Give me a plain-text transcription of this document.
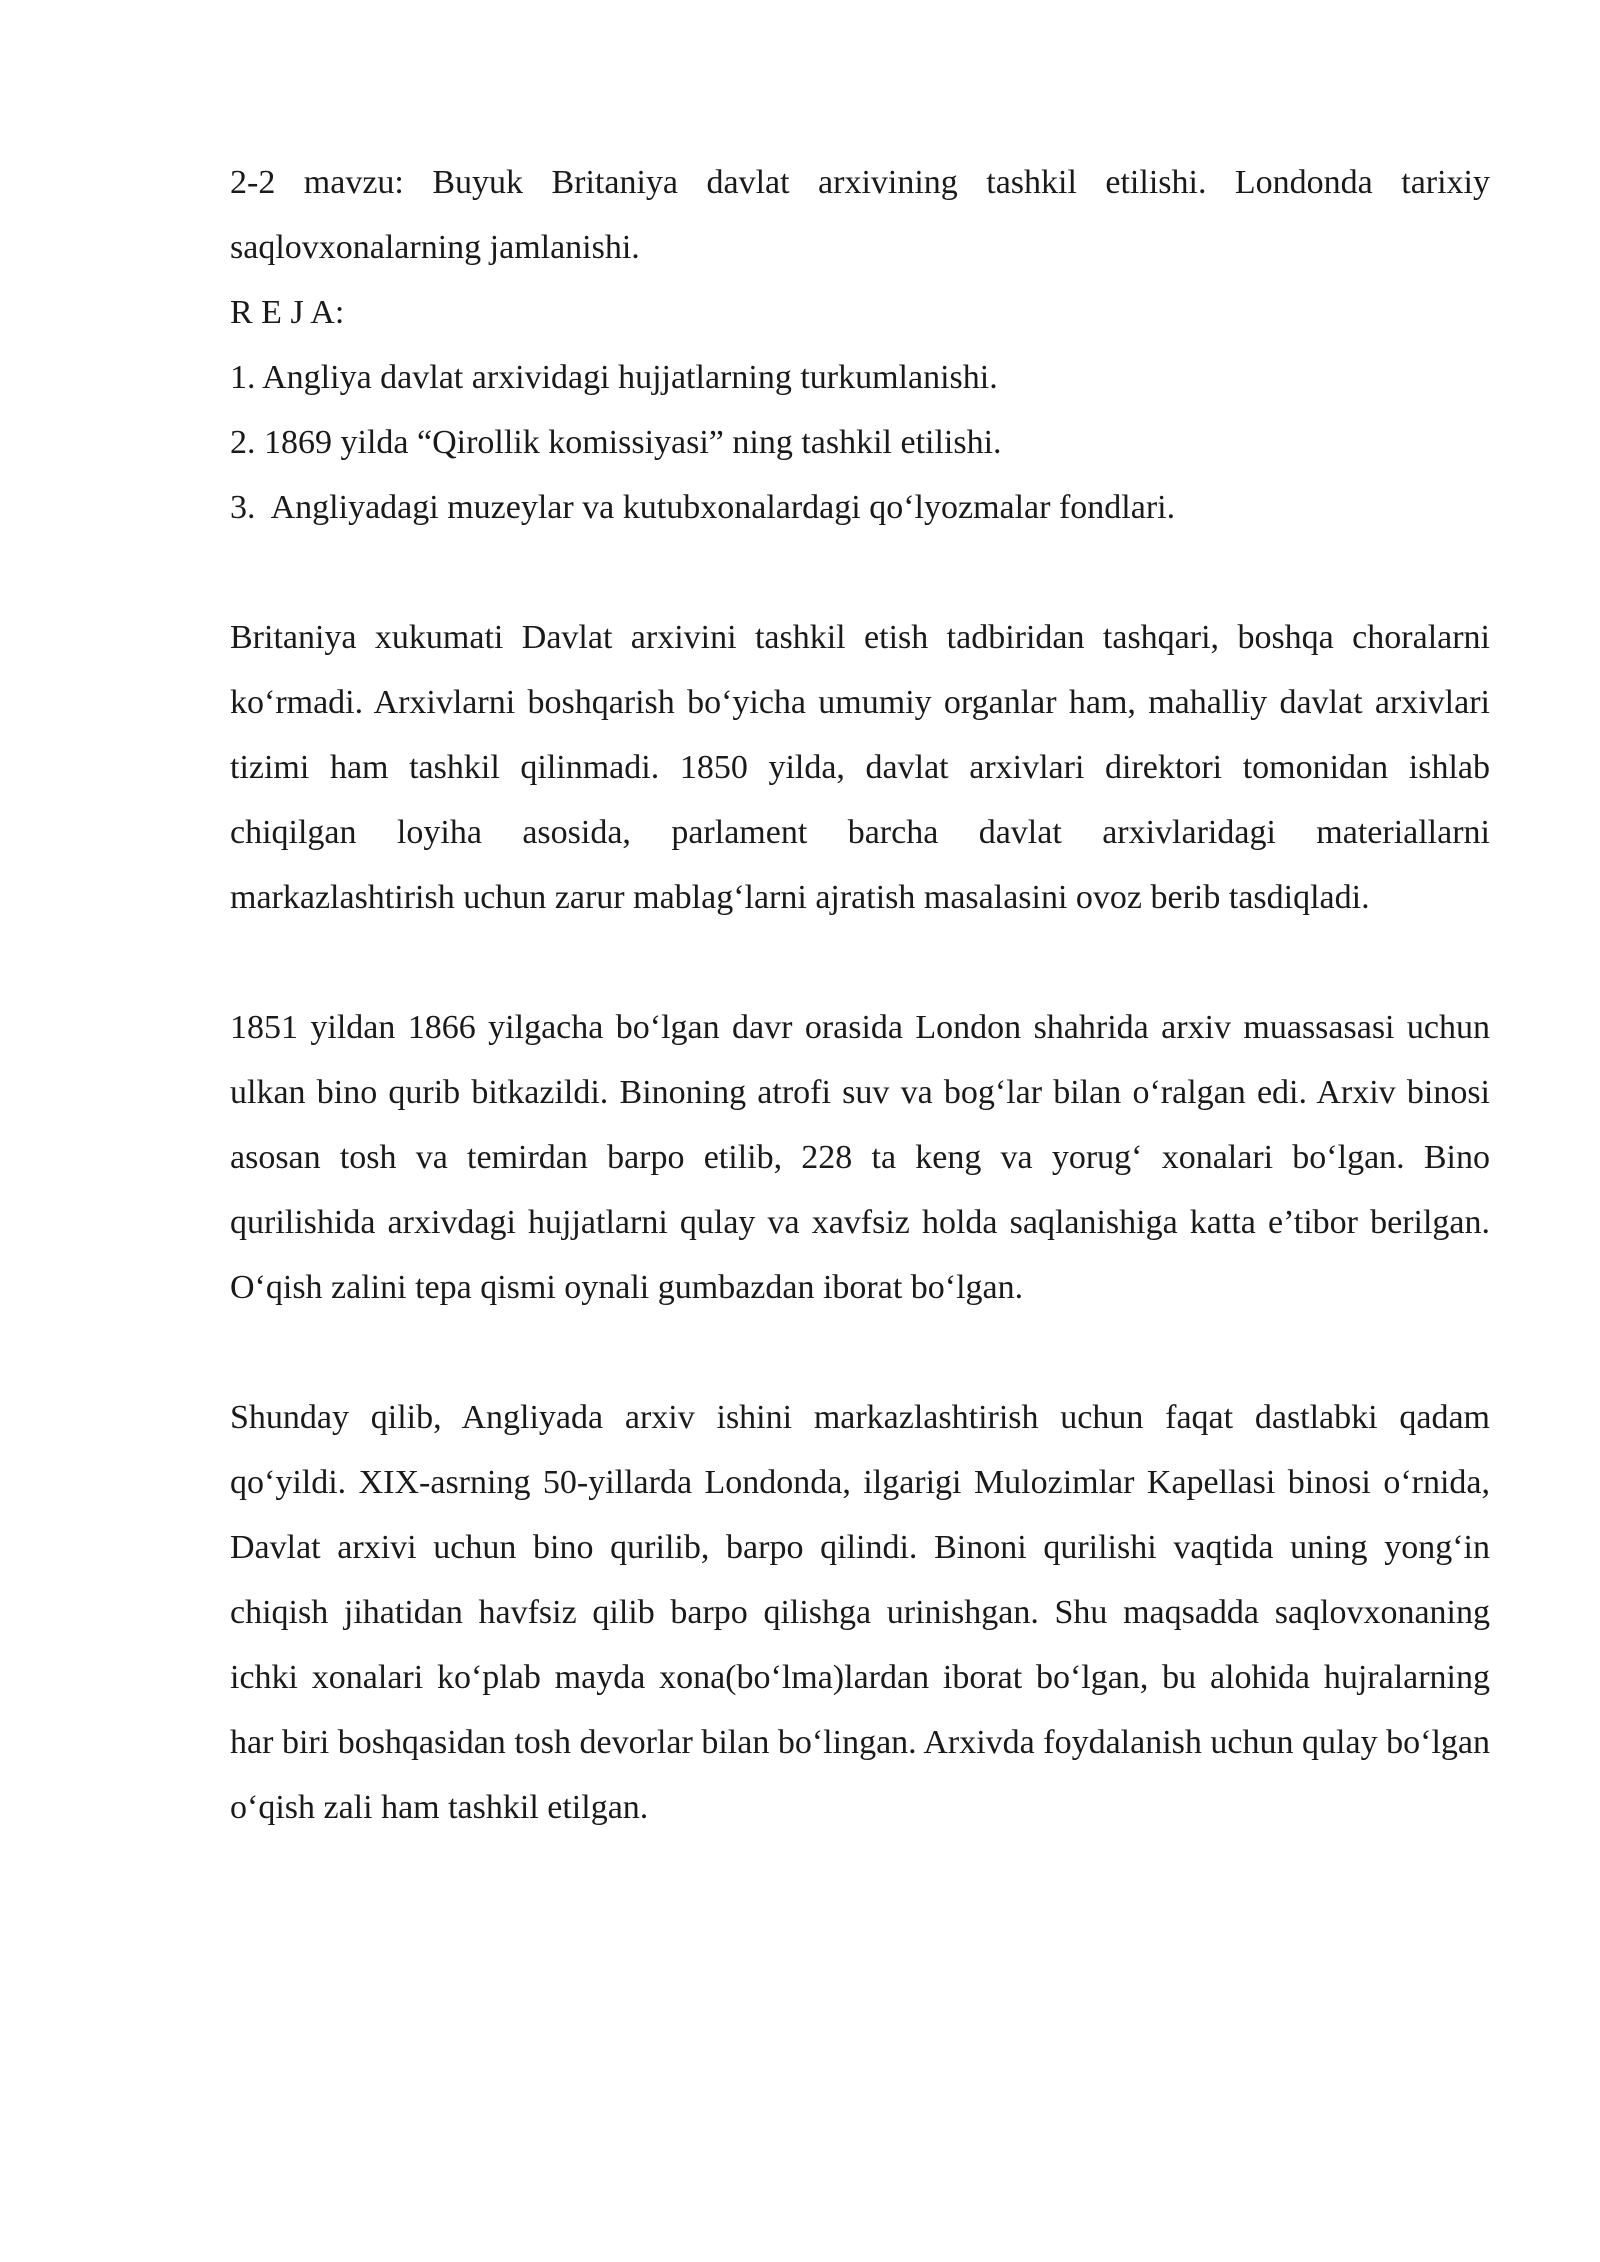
2-2 mavzu: Buyuk Britaniya davlat arxivining tashkil etilishi. Londonda tarixiy saqlovxonalarning jamlanishi.

R E J A:

1. Angliya davlat arxividagi hujjatlarning turkumlanishi.

2. 1869 yilda “Qirollik komissiyasi” ning tashkil etilishi.

3.  Angliyadagi muzeylar va kutubxonalardagi qo‘lyozmalar fondlari.

Britaniya xukumati Davlat arxivini tashkil etish tadbiridan tashqari, boshqa choralarni ko‘rmadi. Arxivlarni boshqarish bo‘yicha umumiy organlar ham, mahalliy davlat arxivlari tizimi ham tashkil qilinmadi. 1850 yilda, davlat arxivlari direktori tomonidan ishlab chiqilgan loyiha asosida, parlament barcha davlat arxivlaridagi materiallarni markazlashtirish uchun zarur mablag‘larni ajratish masalasini ovoz berib tasdiqladi.

1851 yildan 1866 yilgacha bo‘lgan davr orasida London shahrida arxiv muassasasi uchun ulkan bino qurib bitkazildi. Binoning atrofi suv va bog‘lar bilan o‘ralgan edi. Arxiv binosi asosan tosh va temirdan barpo etilib, 228 ta keng va yorug‘ xonalari bo‘lgan. Bino qurilishida arxivdagi hujjatlarni qulay va xavfsiz holda saqlanishiga katta e’tibor berilgan. O‘qish zalini tepa qismi oynali gumbazdan iborat bo‘lgan.

Shunday qilib, Angliyada arxiv ishini markazlashtirish uchun faqat dastlabki qadam qo‘yildi. XIX-asrning 50-yillarda Londonda, ilgarigi Mulozimlar Kapellasi binosi o‘rnida, Davlat arxivi uchun bino qurilib, barpo qilindi. Binoni qurilishi vaqtida uning yong‘in chiqish jihatidan havfsiz qilib barpo qilishga urinishgan. Shu maqsadda saqlovxonaning ichki xonalari ko‘plab mayda xona(bo‘lma)lardan iborat bo‘lgan, bu alohida hujralarning har biri boshqasidan tosh devorlar bilan bo‘lingan. Arxivda foydalanish uchun qulay bo‘lgan o‘qish zali ham tashkil etilgan.
